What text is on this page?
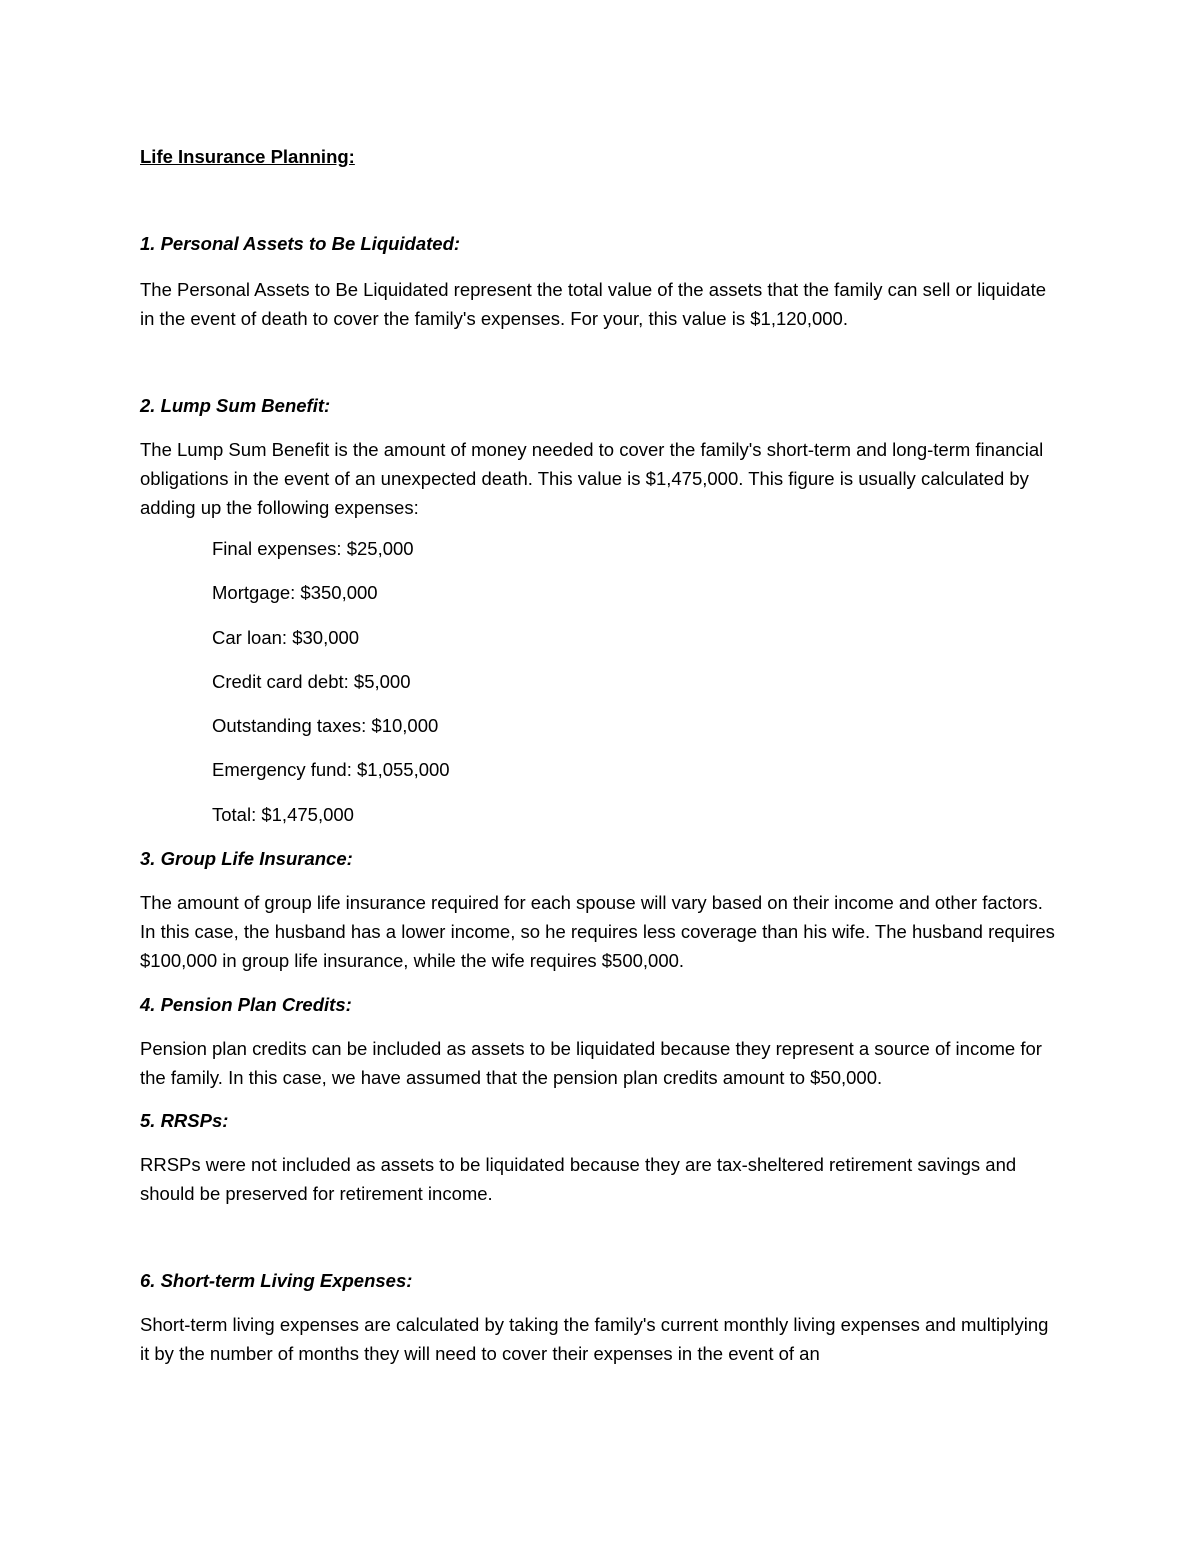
Life Insurance Planning:
1. Personal Assets to Be Liquidated:

The Personal Assets to Be Liquidated represent the total value of the assets that the family can sell or liquidate in the event of death to cover the family's expenses. For your, this value is $1,120,000.

2. Lump Sum Benefit:

The Lump Sum Benefit is the amount of money needed to cover the family's short-term and long-term financial obligations in the event of an unexpected death. This value is $1,475,000. This figure is usually calculated by adding up the following expenses:

Final expenses: $25,000
Mortgage: $350,000
Car loan: $30,000
Credit card debt: $5,000
Outstanding taxes: $10,000
Emergency fund: $1,055,000
Total: $1,475,000
3. Group Life Insurance:

The amount of group life insurance required for each spouse will vary based on their income and other factors. In this case, the husband has a lower income, so he requires less coverage than his wife. The husband requires $100,000 in group life insurance, while the wife requires $500,000.

4. Pension Plan Credits:

Pension plan credits can be included as assets to be liquidated because they represent a source of income for the family. In this case, we have assumed that the pension plan credits amount to $50,000.

5. RRSPs:

RRSPs were not included as assets to be liquidated because they are tax-sheltered retirement savings and should be preserved for retirement income.

6. Short-term Living Expenses:

Short-term living expenses are calculated by taking the family's current monthly living expenses and multiplying it by the number of months they will need to cover their expenses in the event of an
